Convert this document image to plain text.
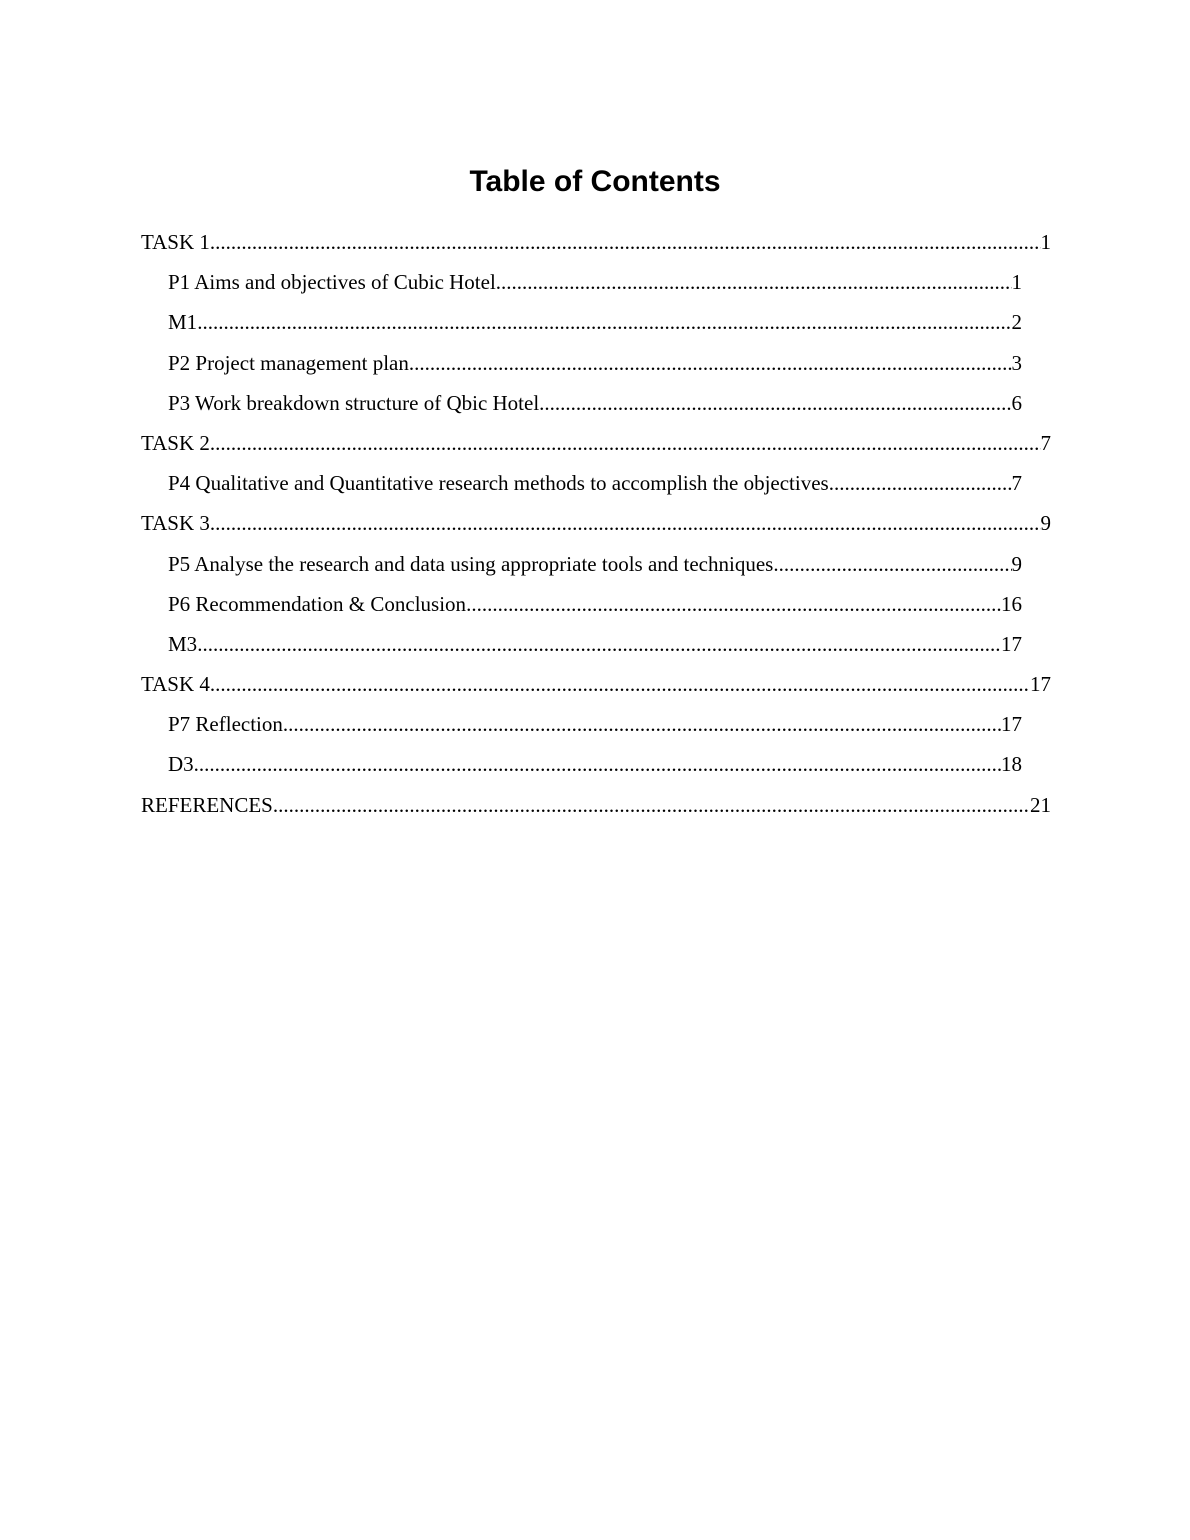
Table of Contents
TASK 1 .....	1
P1 Aims and objectives of Cubic Hotel .....	1
M1 .....	2
P2 Project management plan .....	3
P3 Work breakdown structure of Qbic Hotel. .....	6
TASK 2 .....	7
P4 Qualitative and Quantitative research methods to accomplish the objectives .....	7
TASK 3 .....	9
P5 Analyse the research and data using appropriate tools and techniques .....	9
P6 Recommendation & Conclusion .....	16
M3 .....	17
TASK 4 .....	17
P7 Reflection .....	17
D3 .....	18
REFERENCES .....	21
